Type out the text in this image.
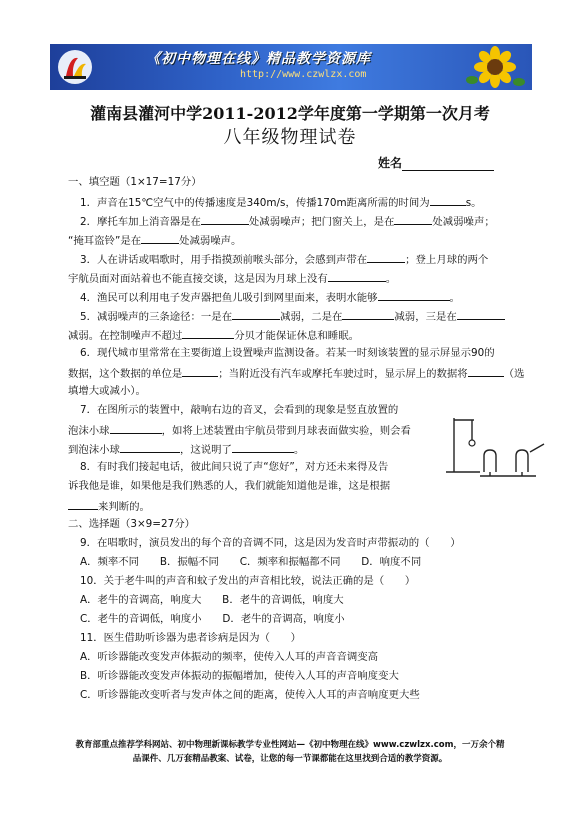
《初中物理在线》精品教学资源库
http://www.czwlzx.com
灌南县灌河中学2011-2012学年度第一学期第一次月考
八年级物理试卷
姓名
一、填空题（1×17=17分）
1．声音在15℃空气中的传播速度是340m/s，传播170m距离所需的时间为	s。
2．摩托车加上消音器是在	处减弱噪声；把门窗关上，是在	处减弱噪声；
“掩耳盗铃”是在	处减弱噪声。
3．人在讲话或唱歌时，用手指摸颈前喉头部分，会感到声带在	；登上月球的两个
宇航员面对面站着也不能直接交谈，这是因为月球上没有	。
4．渔民可以利用电子发声器把鱼儿吸引到网里面来，表明水能够	。
5．减弱噪声的三条途径：一是在	减弱，二是在	减弱，三是在
减弱。在控制噪声不超过	分贝才能保证休息和睡眠。
6．现代城市里常常在主要街道上设置噪声监测设备。若某一时刻该装置的显示屏显示90的
数据，这个数据的单位是	；当附近没有汽车或摩托车驶过时，显示屏上的数据将	（选
填增大或减小）。
7．在图所示的装置中，敲响右边的音叉，会看到的现象是竖直放置的
泡沫小球	，如将上述装置由宇航员带到月球表面做实验，则会看
到泡沫小球	，这说明了	。
8．有时我们接起电话，彼此间只说了声“您好”，对方还未来得及告
诉我他是谁，如果他是我们熟悉的人，我们就能知道他是谁，这是根据
来判断的。
二、选择题（3×9=27分）
9．在唱歌时，演员发出的每个音的音调不同，这是因为发音时声带振动的（　　）
A．频率不同　　B．振幅不同　　C．频率和振幅都不同　　D．响度不同
10．关于老牛叫的声音和蚊子发出的声音相比较，说法正确的是（　　）
A．老牛的音调高，响度大　　B．老牛的音调低，响度大
C．老牛的音调低，响度小　　D．老牛的音调高，响度小
11．医生借助听诊器为患者诊病是因为（　　）
A．听诊器能改变发声体振动的频率，使传入人耳的声音音调变高
B．听诊器能改变发声体振动的振幅增加，使传入人耳的声音响度变大
C．听诊器能改变听者与发声体之间的距离，使传入人耳的声音响度更大些
教育部重点推荐学科网站、初中物理新课标教学专业性网站—《初中物理在线》www.czwlzx.com，一万余个精
品课件、几万套精品教案、试卷，让您的每一节课都能在这里找到合适的教学资源。
